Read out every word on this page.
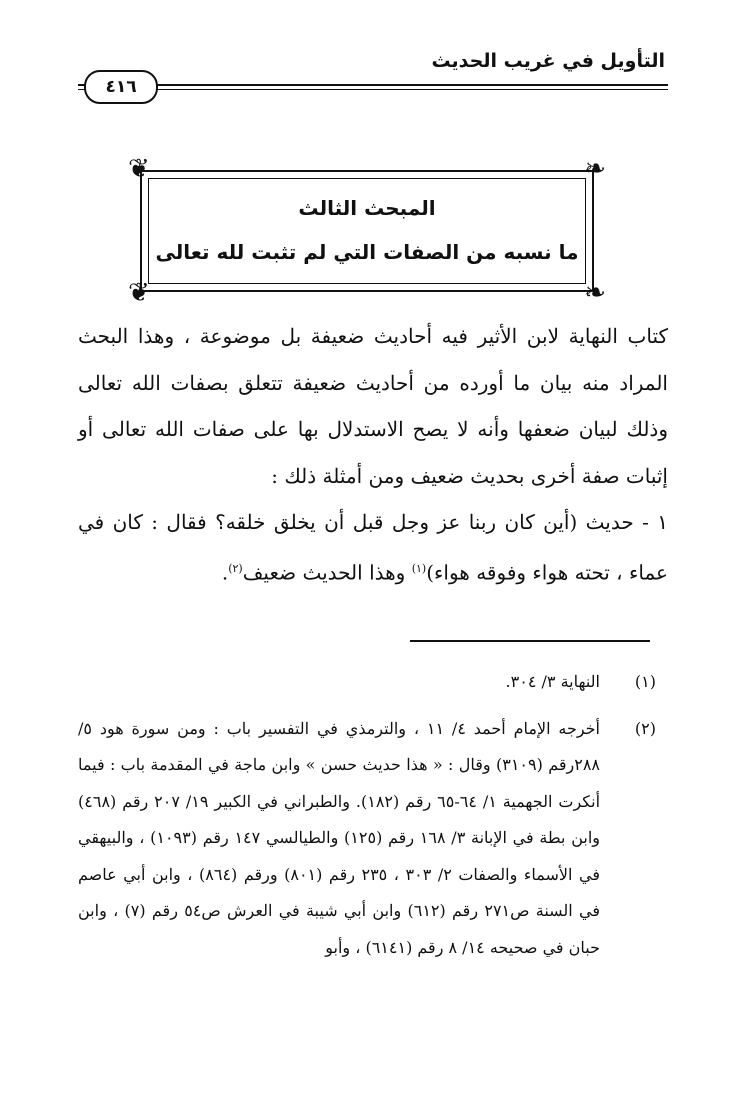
التأويل في غريب الحديث
٤١٦
❦	❧
❦	❧
المبحث الثالث
ما نسبه من الصفات التي لم تثبت لله تعالى

كتاب النهاية لابن الأثير فيه أحاديث ضعيفة بل موضوعة ، وهذا البحث المراد منه بيان ما أورده من أحاديث ضعيفة تتعلق بصفات الله تعالى وذلك لبيان ضعفها وأنه لا يصح الاستدلال بها على صفات الله تعالى أو إثبات صفة أخرى بحديث ضعيف ومن أمثلة ذلك :

١ - حديث (أين كان ربنا عز وجل قبل أن يخلق خلقه؟ فقال : كان في عماء ، تحته هواء وفوقه هواء)$^{(١)}$ وهذا الحديث ضعيف$^{(٢)}$.

(١)
النهاية ٣/ ٣٠٤.
(٢)
أخرجه الإمام أحمد ٤/ ١١ ، والترمذي في التفسير باب : ومن سورة هود ٥/ ٢٨٨رقم (٣١٠٩) وقال : « هذا حديث حسن » وابن ماجة في المقدمة باب : فيما أنكرت الجهمية ١/ ٦٤-٦٥ رقم (١٨٢). والطبراني في الكبير ١٩/ ٢٠٧ رقم (٤٦٨) وابن بطة في الإبانة ٣/ ١٦٨ رقم (١٢٥) والطيالسي ١٤٧ رقم (١٠٩٣) ، والبيهقي في الأسماء والصفات ٢/ ٣٠٣ ، ٢٣٥ رقم (٨٠١) ورقم (٨٦٤) ، وابن أبي عاصم في السنة ص٢٧١ رقم (٦١٢) وابن أبي شيبة في العرش ص٥٤ رقم (٧) ، وابن حبان في صحيحه ١٤/ ٨ رقم (٦١٤١) ، وأبو
